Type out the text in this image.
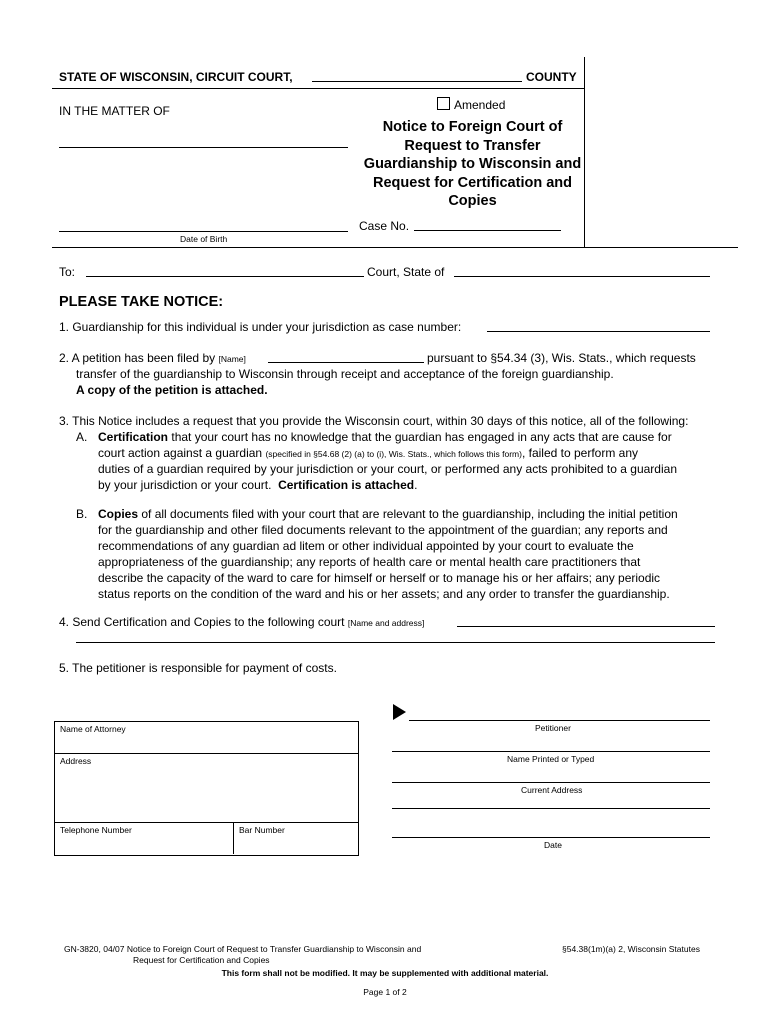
STATE OF WISCONSIN, CIRCUIT COURT,	COUNTY
IN THE MATTER OF	Amended
Notice to Foreign Court of Request to Transfer Guardianship to Wisconsin and Request for Certification and Copies
Date of Birth
Case No.
To:	Court, State of
PLEASE TAKE NOTICE:
1. Guardianship for this individual is under your jurisdiction as case number:
2. A petition has been filed by [Name]	pursuant to §54.34 (3), Wis. Stats., which requests
transfer of the guardianship to Wisconsin through receipt and acceptance of the foreign guardianship.
A copy of the petition is attached.
3. This Notice includes a request that you provide the Wisconsin court, within 30 days of this notice, all of the following:
A. Certification that your court has no knowledge that the guardian has engaged in any acts that are cause for
court action against a guardian (specified in §54.68 (2) (a) to (i), Wis. Stats., which follows this form), failed to perform any
duties of a guardian required by your jurisdiction or your court, or performed any acts prohibited to a guardian
by your jurisdiction or your court. Certification is attached.
B. Copies of all documents filed with your court that are relevant to the guardianship, including the initial petition
for the guardianship and other filed documents relevant to the appointment of the guardian; any reports and
recommendations of any guardian ad litem or other individual appointed by your court to evaluate the
appropriateness of the guardianship; any reports of health care or mental health care practitioners that
describe the capacity of the ward to care for himself or herself or to manage his or her affairs; any periodic
status reports on the condition of the ward and his or her assets; and any order to transfer the guardianship.
4. Send Certification and Copies to the following court [Name and address]
5. The petitioner is responsible for payment of costs.
Name of Attorney
Address
Telephone Number	Bar Number
Petitioner
Name Printed or Typed
Current Address
Date
GN-3820, 04/07 Notice to Foreign Court of Request to Transfer Guardianship to Wisconsin and
Request for Certification and Copies
§54.38(1m)(a) 2, Wisconsin Statutes
This form shall not be modified. It may be supplemented with additional material.
Page 1 of 2
